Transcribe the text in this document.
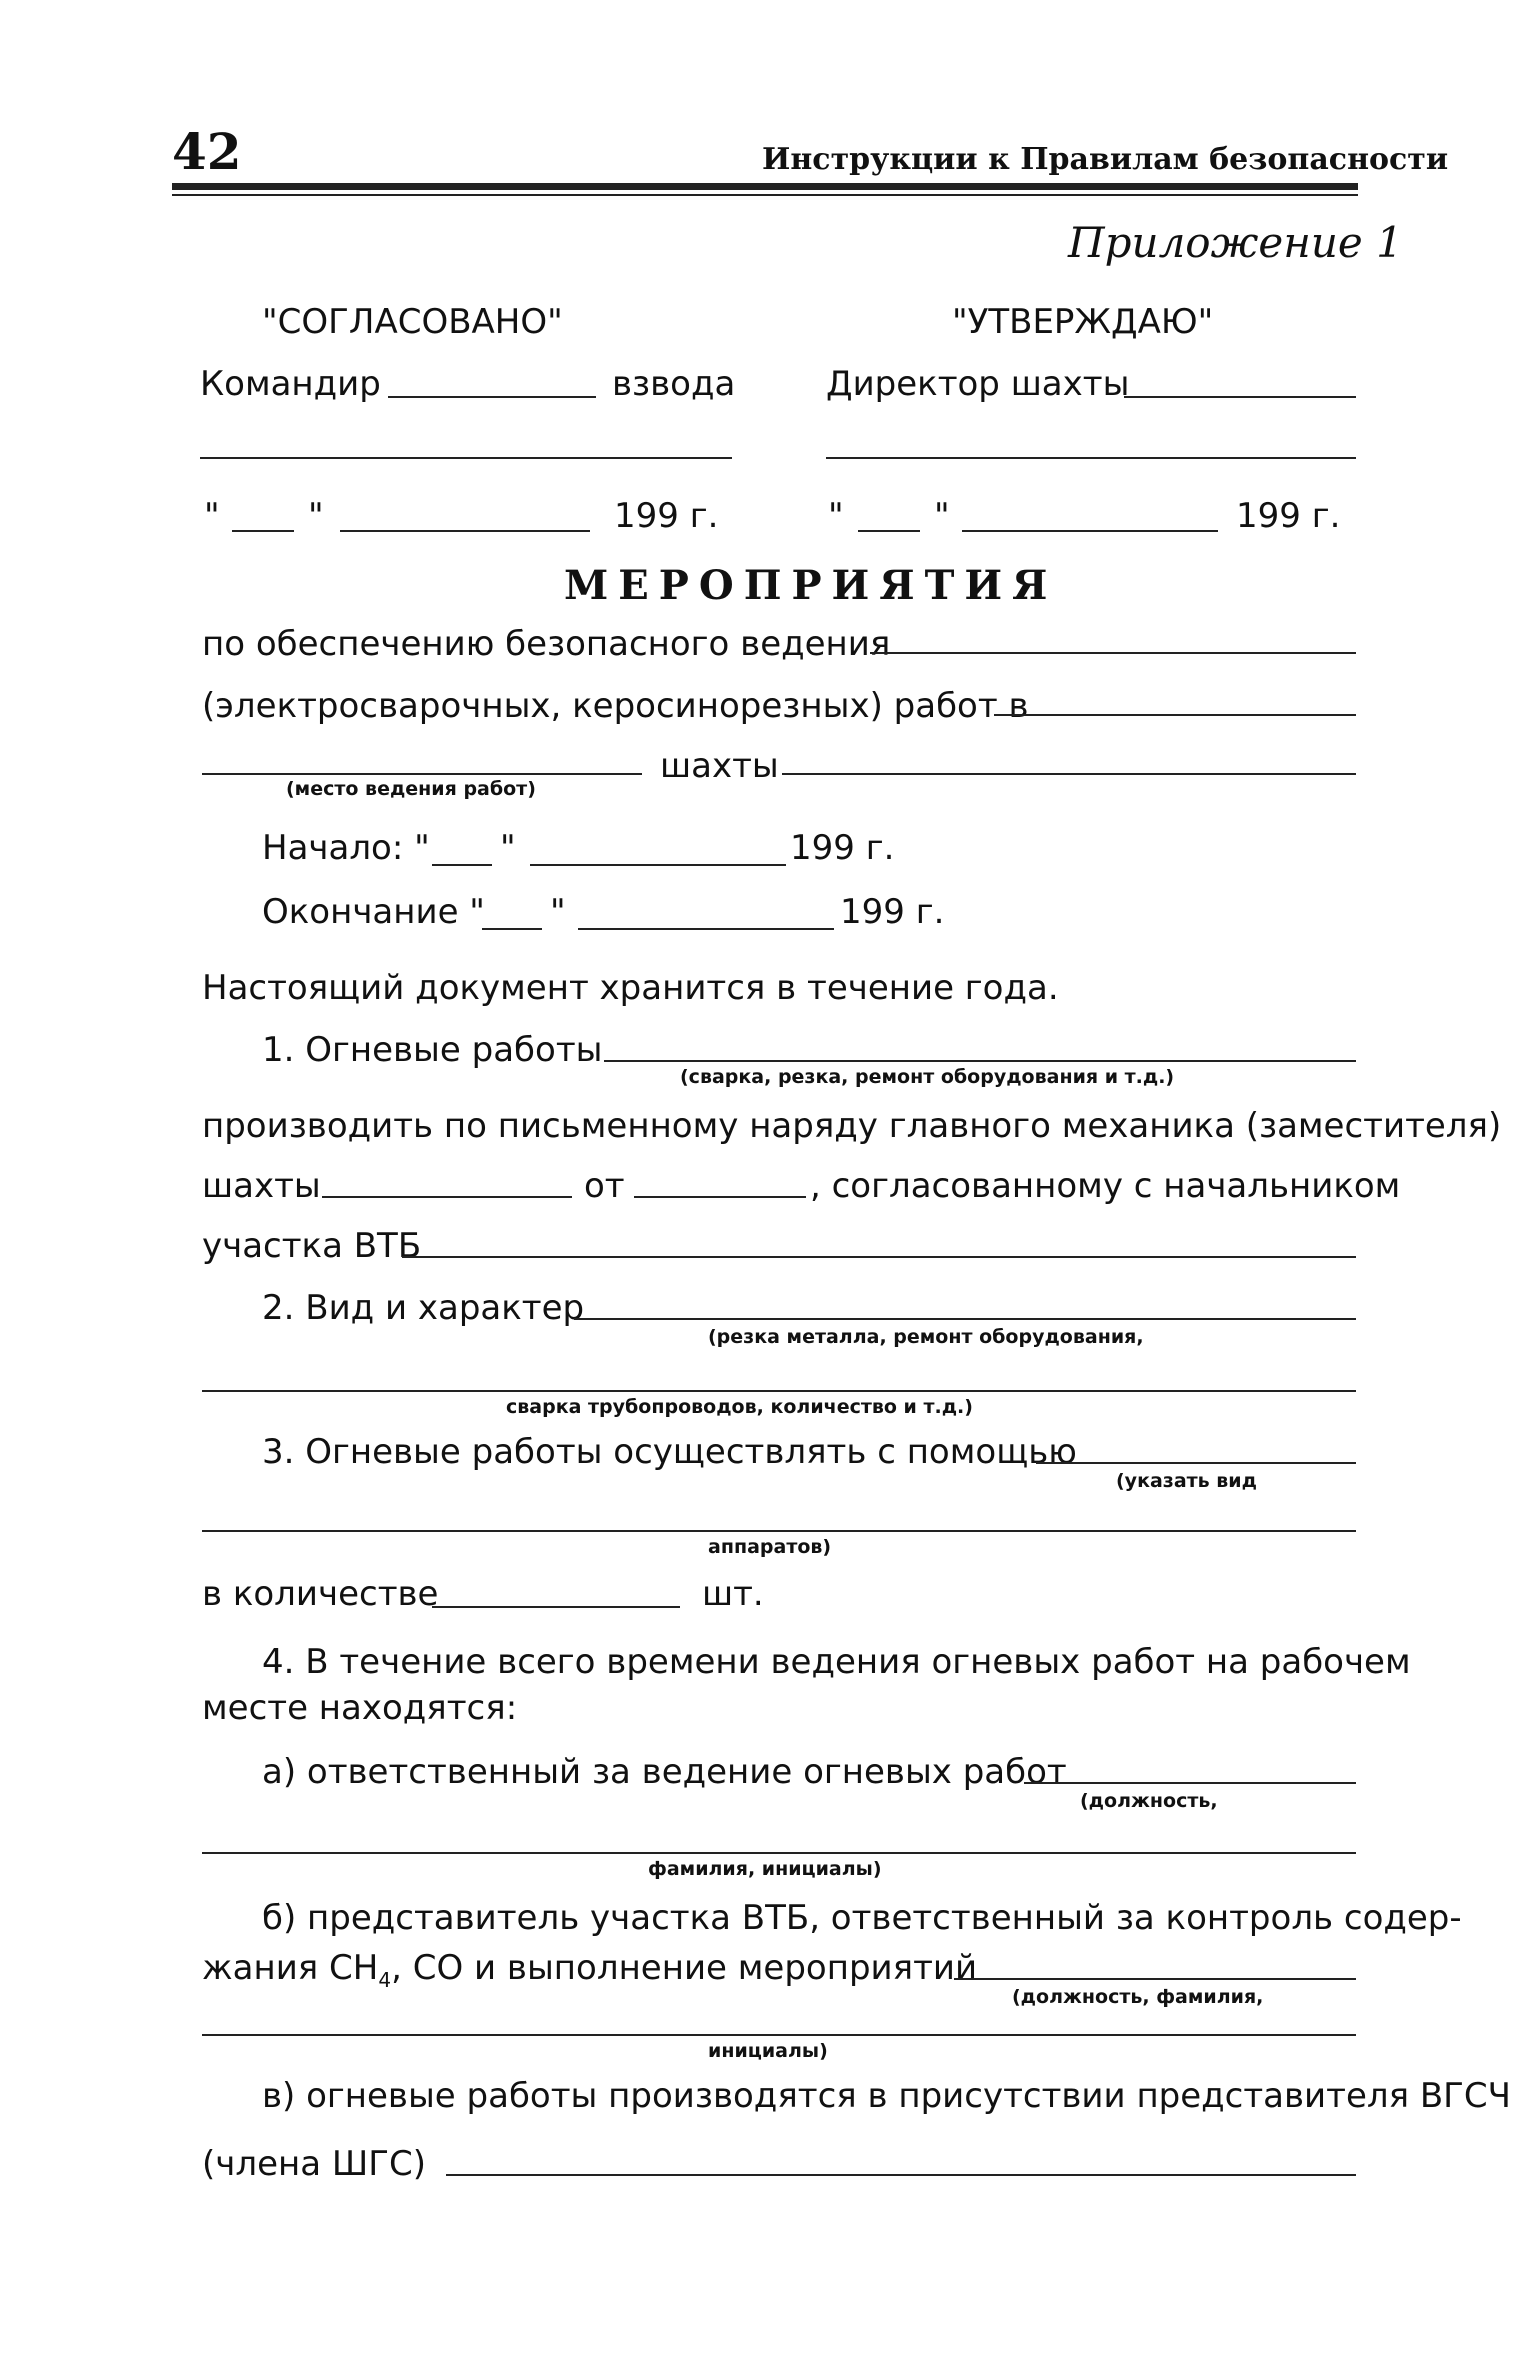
42	Инструкции к Правилам безопасности
Приложение 1
"СОГЛАСОВАНО"	"УТВЕРЖДАЮ"
Командир	взвода	Директор шахты
"	"	199 г.	"	"	199 г.
МЕРОПРИЯТИЯ
по обеспечению безопасного ведения
(электросварочных, керосинорезных) работ в
шахты
(место ведения работ)
Начало: " "	199 г.
Окончание " "	199 г.
Настоящий документ хранится в течение года.
1. Огневые работы
(сварка, резка, ремонт оборудования и т.д.)
производить по письменному наряду главного механика (заместителя)
шахты	от	, согласованному с начальником
участка ВТБ
2. Вид и характер
(резка металла, ремонт оборудования,
сварка трубопроводов, количество и т.д.)
3. Огневые работы осуществлять с помощью
(указать вид
аппаратов)
в количестве	шт.
4. В течение всего времени ведения огневых работ на рабочем
месте находятся:
а) ответственный за ведение огневых работ
(должность,
фамилия, инициалы)
б) представитель участка ВТБ, ответственный за контроль содер-
жания $СН_4$, СО и выполнение мероприятий
(должность, фамилия,
инициалы)
в) огневые работы производятся в присутствии представителя ВГСЧ
(члена ШГС)
